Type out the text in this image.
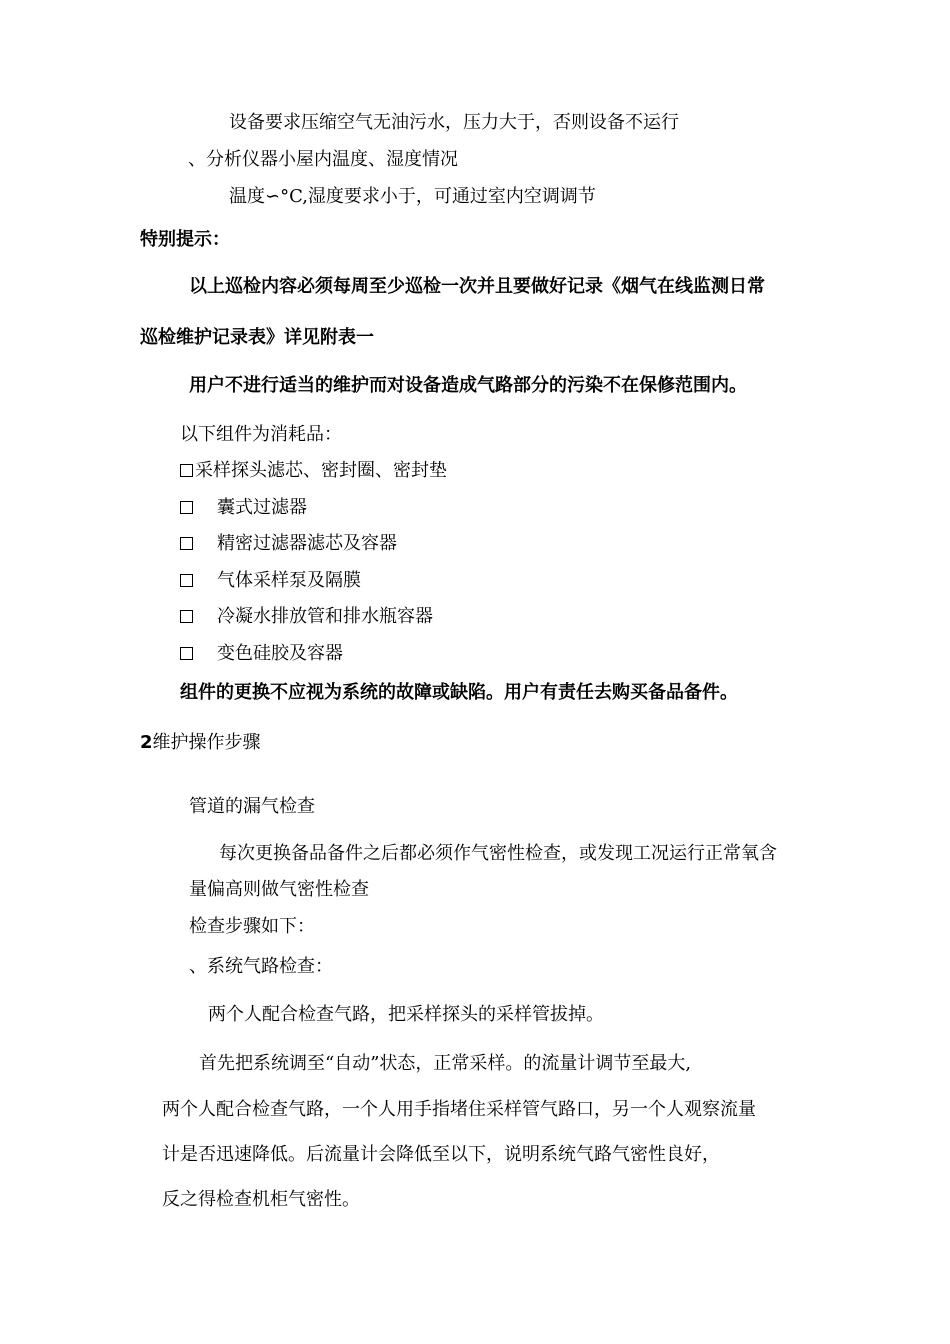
设备要求压缩空气无油污水，压力大于，否则设备不运行
、分析仪器小屋内温度、湿度情况
温度∽°C,湿度要求小于，可通过室内空调调节
特别提示：
以上巡检内容必须每周至少巡检一次并且要做好记录《烟气在线监测日常
巡检维护记录表》详见附表一
用户不进行适当的维护而对设备造成气路部分的污染不在保修范围内。
以下组件为消耗品：
采样探头滤芯、密封圈、密封垫
囊式过滤器
精密过滤器滤芯及容器
气体采样泵及隔膜
冷凝水排放管和排水瓶容器
变色硅胶及容器
组件的更换不应视为系统的故障或缺陷。用户有责任去购买备品备件。
2维护操作步骤
管道的漏气检查
每次更换备品备件之后都必须作气密性检查，或发现工况运行正常氧含
量偏高则做气密性检查
检查步骤如下：
、系统气路检查：
两个人配合检查气路，把采样探头的采样管拔掉。
首先把系统调至“自动”状态，正常采样。的流量计调节至最大,
两个人配合检查气路，一个人用手指堵住采样管气路口，另一个人观察流量
计是否迅速降低。后流量计会降低至以下，说明系统气路气密性良好，
反之得检查机柜气密性。
